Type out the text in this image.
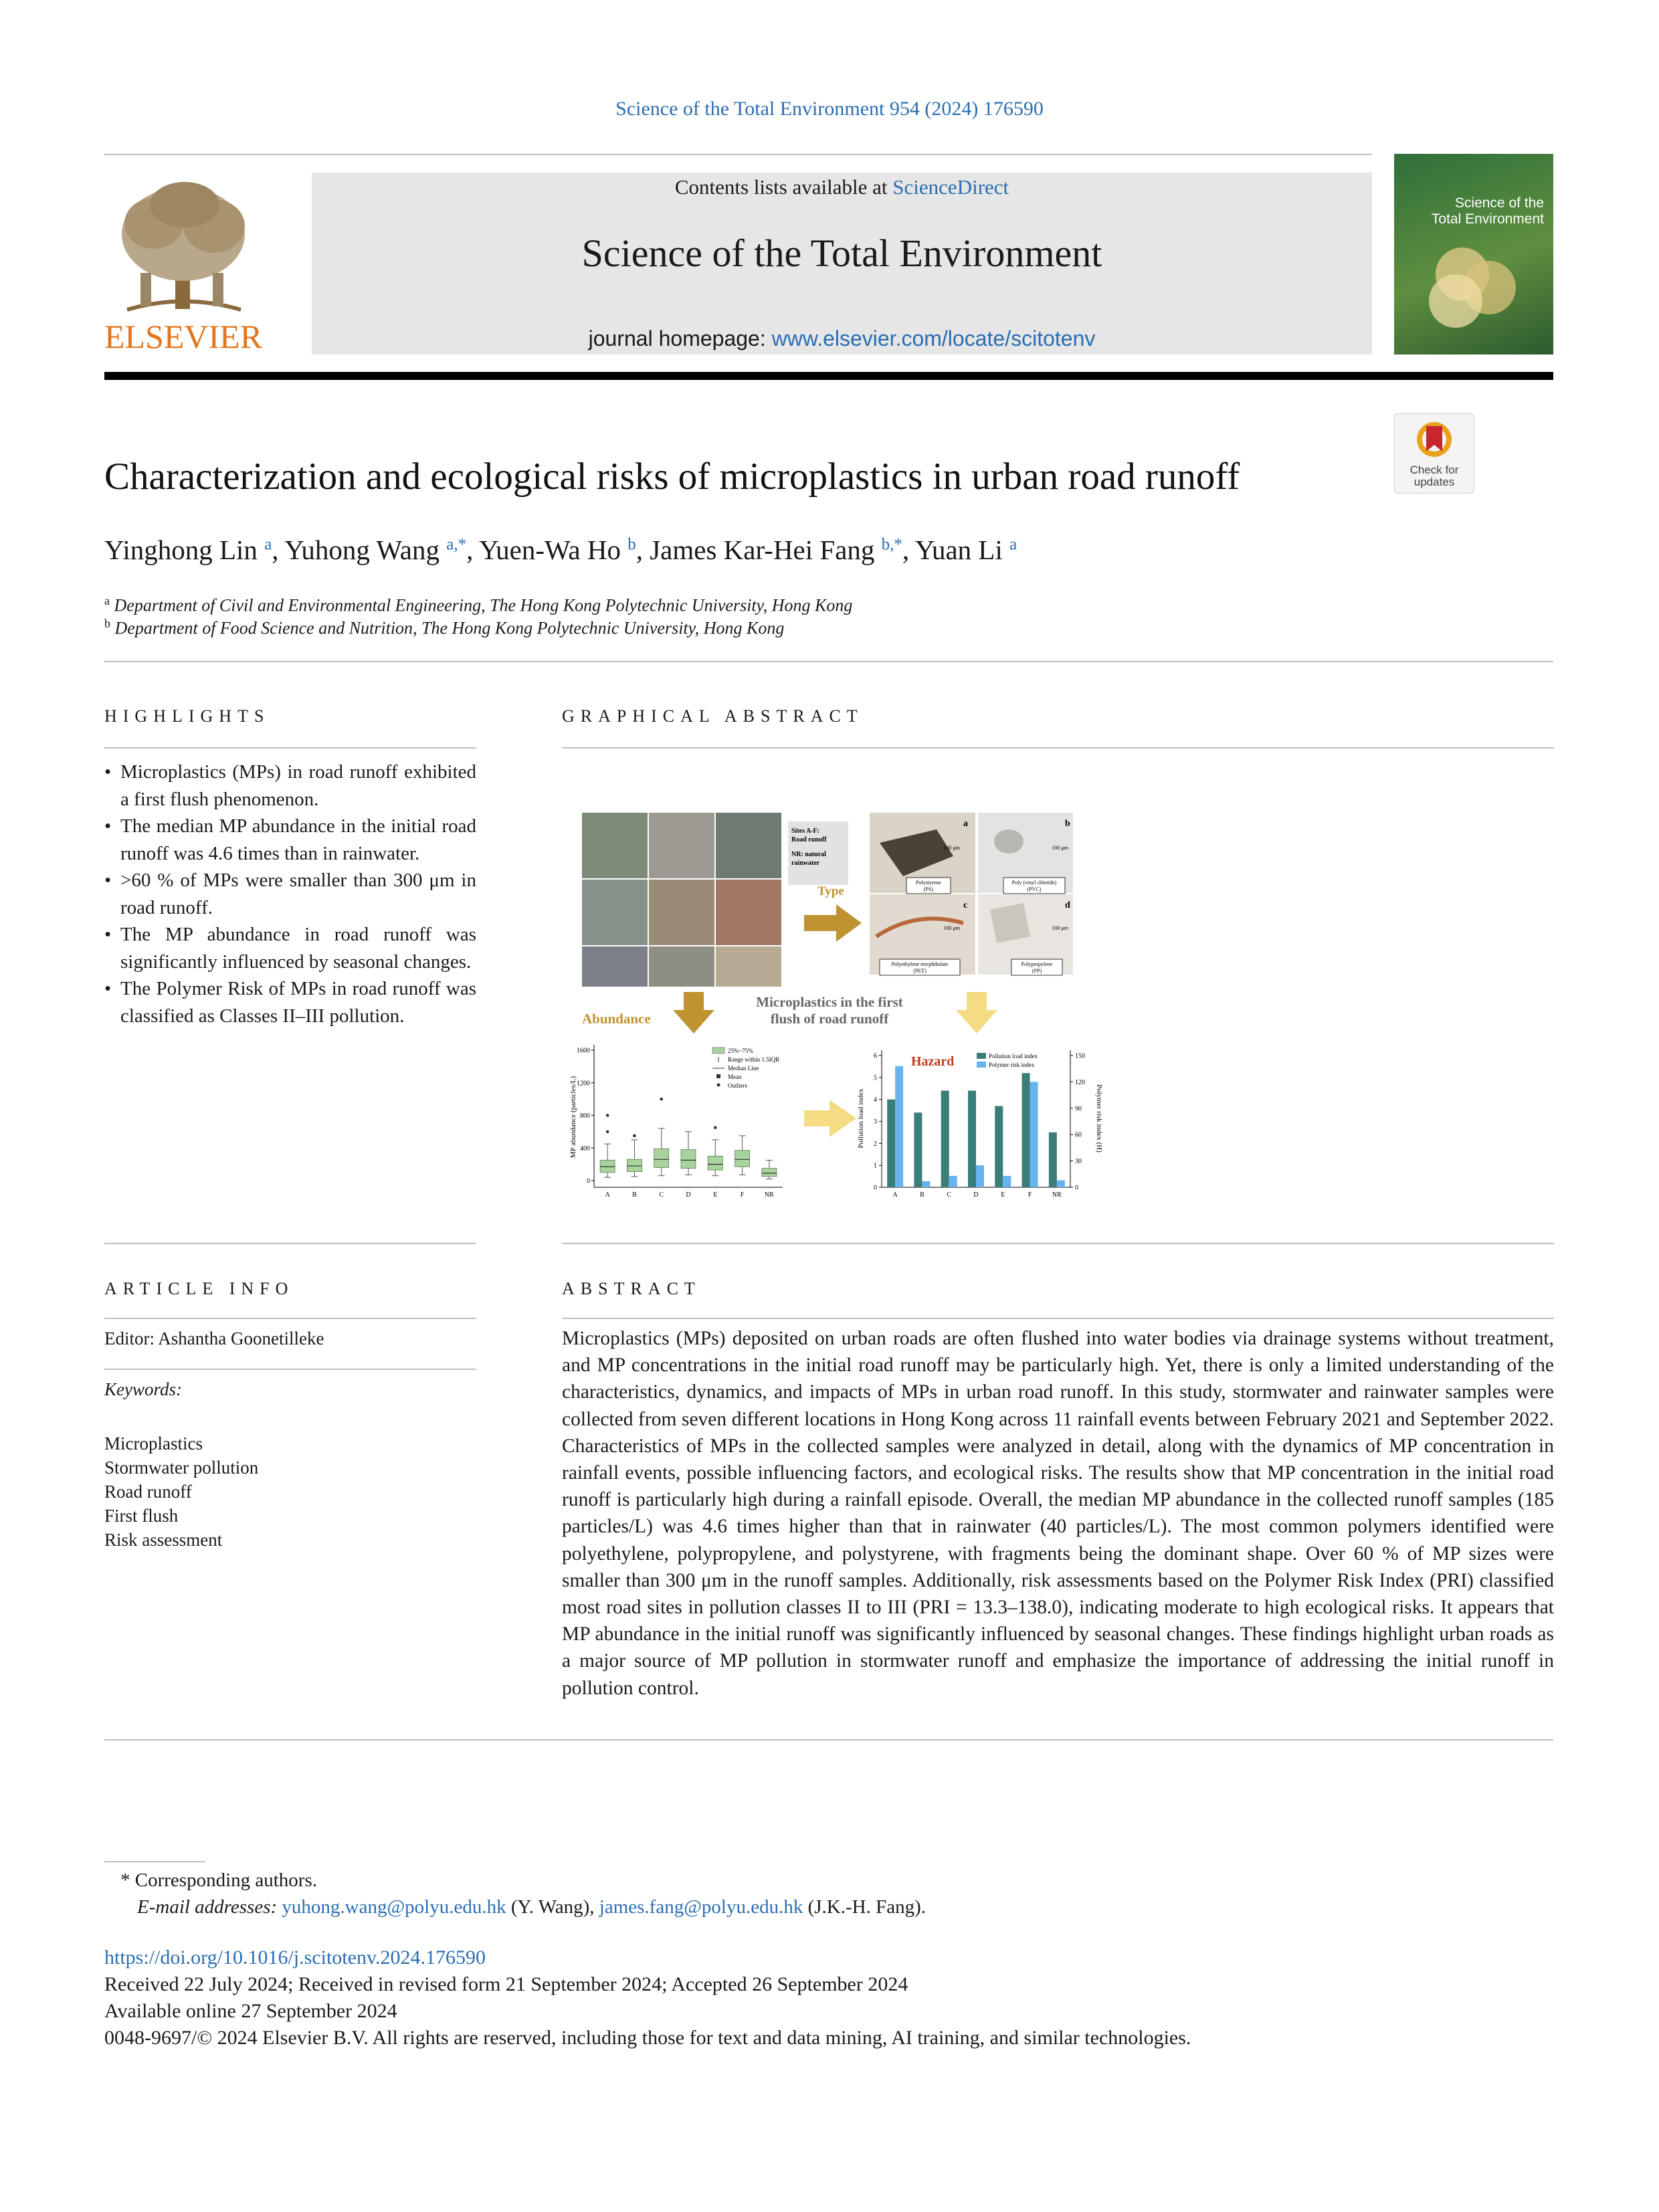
Science of the Total Environment 954 (2024) 176590
ELSEVIER
Contents lists available at ScienceDirect
Science of the Total Environment
journal homepage: www.elsevier.com/locate/scitotenv
Science of the
Total Environment
Characterization and ecological risks of microplastics in urban road runoff	Check for
updates
Yinghong Lin $^a$, Yuhong Wang $^{a,*}$, Yuen-Wa Ho $^b$, James Kar-Hei Fang $^{b,*}$, Yuan Li $^a$
$^a$ Department of Civil and Environmental Engineering, The Hong Kong Polytechnic University, Hong Kong
$^b$ Department of Food Science and Nutrition, The Hong Kong Polytechnic University, Hong Kong
HIGHLIGHTS
• Microplastics (MPs) in road runoff exhibited a first flush phenomenon.
• The median MP abundance in the initial road runoff was 4.6 times than in rainwater.
• >60 % of MPs were smaller than 300 μm in road runoff.
• The MP abundance in road runoff was significantly influenced by seasonal changes.
• The Polymer Risk of MPs in road runoff was classified as Classes II–III pollution.
GRAPHICAL ABSTRACT
Sites A-F:
Road runoff
NR: natural
rainwater
Type
a
100 μm
Polystyrene
(PS)
b
100 μm
Poly (vinyl chloride)
(PVC)
c
100 μm
Polyethylene terephthalate
(PET)
d
100 μm
Polypropylene
(PP)
Abundance
Microplastics in the first
flush of road runoff
MP abundance (particles/L)
25%~75%
Range within 1.5IQR
Median Line
Mean
Outliers
0
400
800
1200
1600
A	B	C	D	E	F	NR
Pollution load index	Polymer risk index (H)
Hazard	Pollution load index
Polymer risk index
0
1
2
3
4
5
6
0
30
60
90
120
150
A	B	C	D	E	F	NR
ARTICLE INFO
Editor: Ashantha Goonetilleke
Keywords:
Microplastics
Stormwater pollution
Road runoff
First flush
Risk assessment
ABSTRACT
Microplastics (MPs) deposited on urban roads are often flushed into water bodies via drainage systems without treatment, and MP concentrations in the initial road runoff may be particularly high. Yet, there is only a limited understanding of the characteristics, dynamics, and impacts of MPs in urban road runoff. In this study, stormwater and rainwater samples were collected from seven different locations in Hong Kong across 11 rainfall events between February 2021 and September 2022. Characteristics of MPs in the collected samples were analyzed in detail, along with the dynamics of MP concentration in rainfall events, possible influencing factors, and ecological risks. The results show that MP concentration in the initial road runoff is particularly high during a rainfall episode. Overall, the median MP abundance in the collected runoff samples (185 particles/L) was 4.6 times higher than that in rainwater (40 particles/L). The most common polymers identified were polyethylene, polypropylene, and polystyrene, with fragments being the dominant shape. Over 60 % of MP sizes were smaller than 300 μm in the runoff samples. Additionally, risk assessments based on the Polymer Risk Index (PRI) classified most road sites in pollution classes II to III (PRI = 13.3–138.0), indicating moderate to high ecological risks. It appears that MP abundance in the initial runoff was significantly influenced by seasonal changes. These findings highlight urban roads as a major source of MP pollution in stormwater runoff and emphasize the importance of addressing the initial runoff in pollution control.
* Corresponding authors.
E-mail addresses: yuhong.wang@polyu.edu.hk (Y. Wang), james.fang@polyu.edu.hk (J.K.-H. Fang).
https://doi.org/10.1016/j.scitotenv.2024.176590
Received 22 July 2024; Received in revised form 21 September 2024; Accepted 26 September 2024
Available online 27 September 2024
0048-9697/© 2024 Elsevier B.V. All rights are reserved, including those for text and data mining, AI training, and similar technologies.
